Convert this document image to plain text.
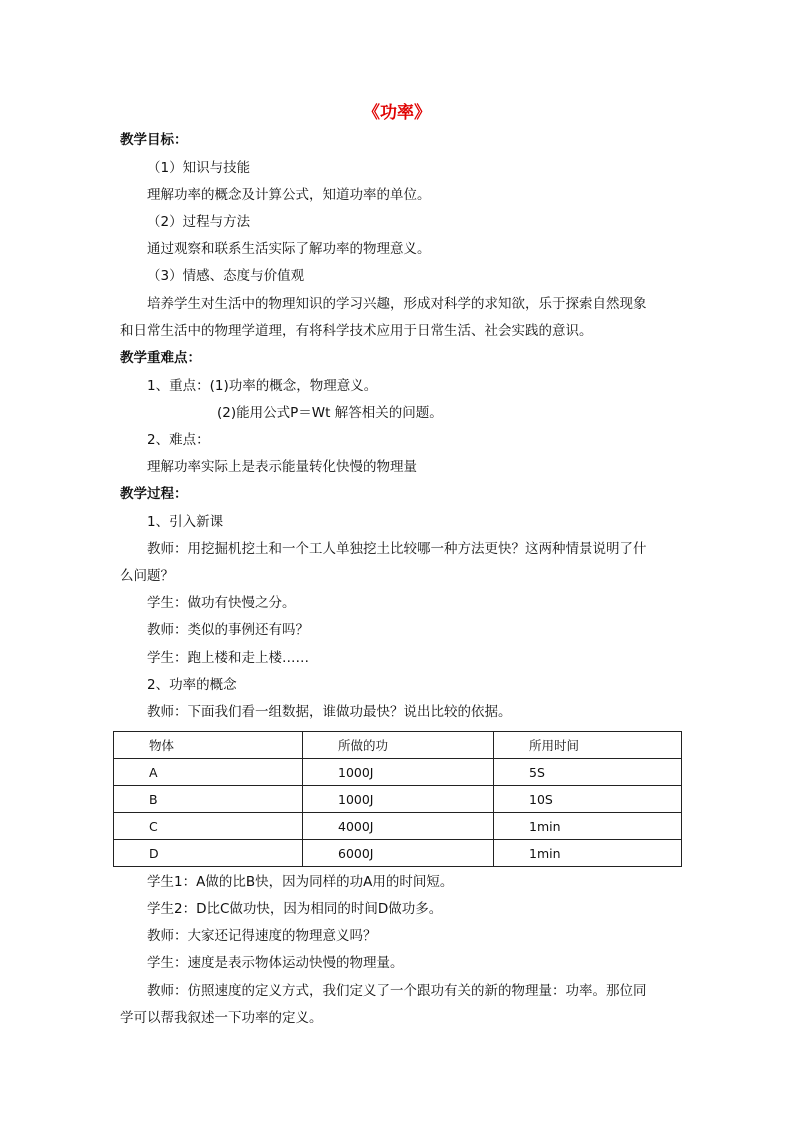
《功率》
教学目标：
（1）知识与技能
理解功率的概念及计算公式，知道功率的单位。
（2）过程与方法
通过观察和联系生活实际了解功率的物理意义。
（3）情感、态度与价值观
培养学生对生活中的物理知识的学习兴趣，形成对科学的求知欲，乐于探索自然现象
和日常生活中的物理学道理，有将科学技术应用于日常生活、社会实践的意识。
教学重难点：
1、重点：(1)功率的概念，物理意义。
(2)能用公式P＝Wt 解答相关的问题。
2、难点：
理解功率实际上是表示能量转化快慢的物理量
教学过程：
1、引入新课
教师：用挖掘机挖土和一个工人单独挖土比较哪一种方法更快？这两种情景说明了什
么问题？
学生：做功有快慢之分。
教师：类似的事例还有吗？
学生：跑上楼和走上楼……
2、功率的概念
教师：下面我们看一组数据，谁做功最快？说出比较的依据。
物体	所做的功	所用时间
A	1000J	5S
B	1000J	10S
C	4000J	1min
D	6000J	1min
学生1：A做的比B快，因为同样的功A用的时间短。
学生2：D比C做功快，因为相同的时间D做功多。
教师：大家还记得速度的物理意义吗？
学生：速度是表示物体运动快慢的物理量。
教师：仿照速度的定义方式，我们定义了一个跟功有关的新的物理量：功率。那位同
学可以帮我叙述一下功率的定义。
